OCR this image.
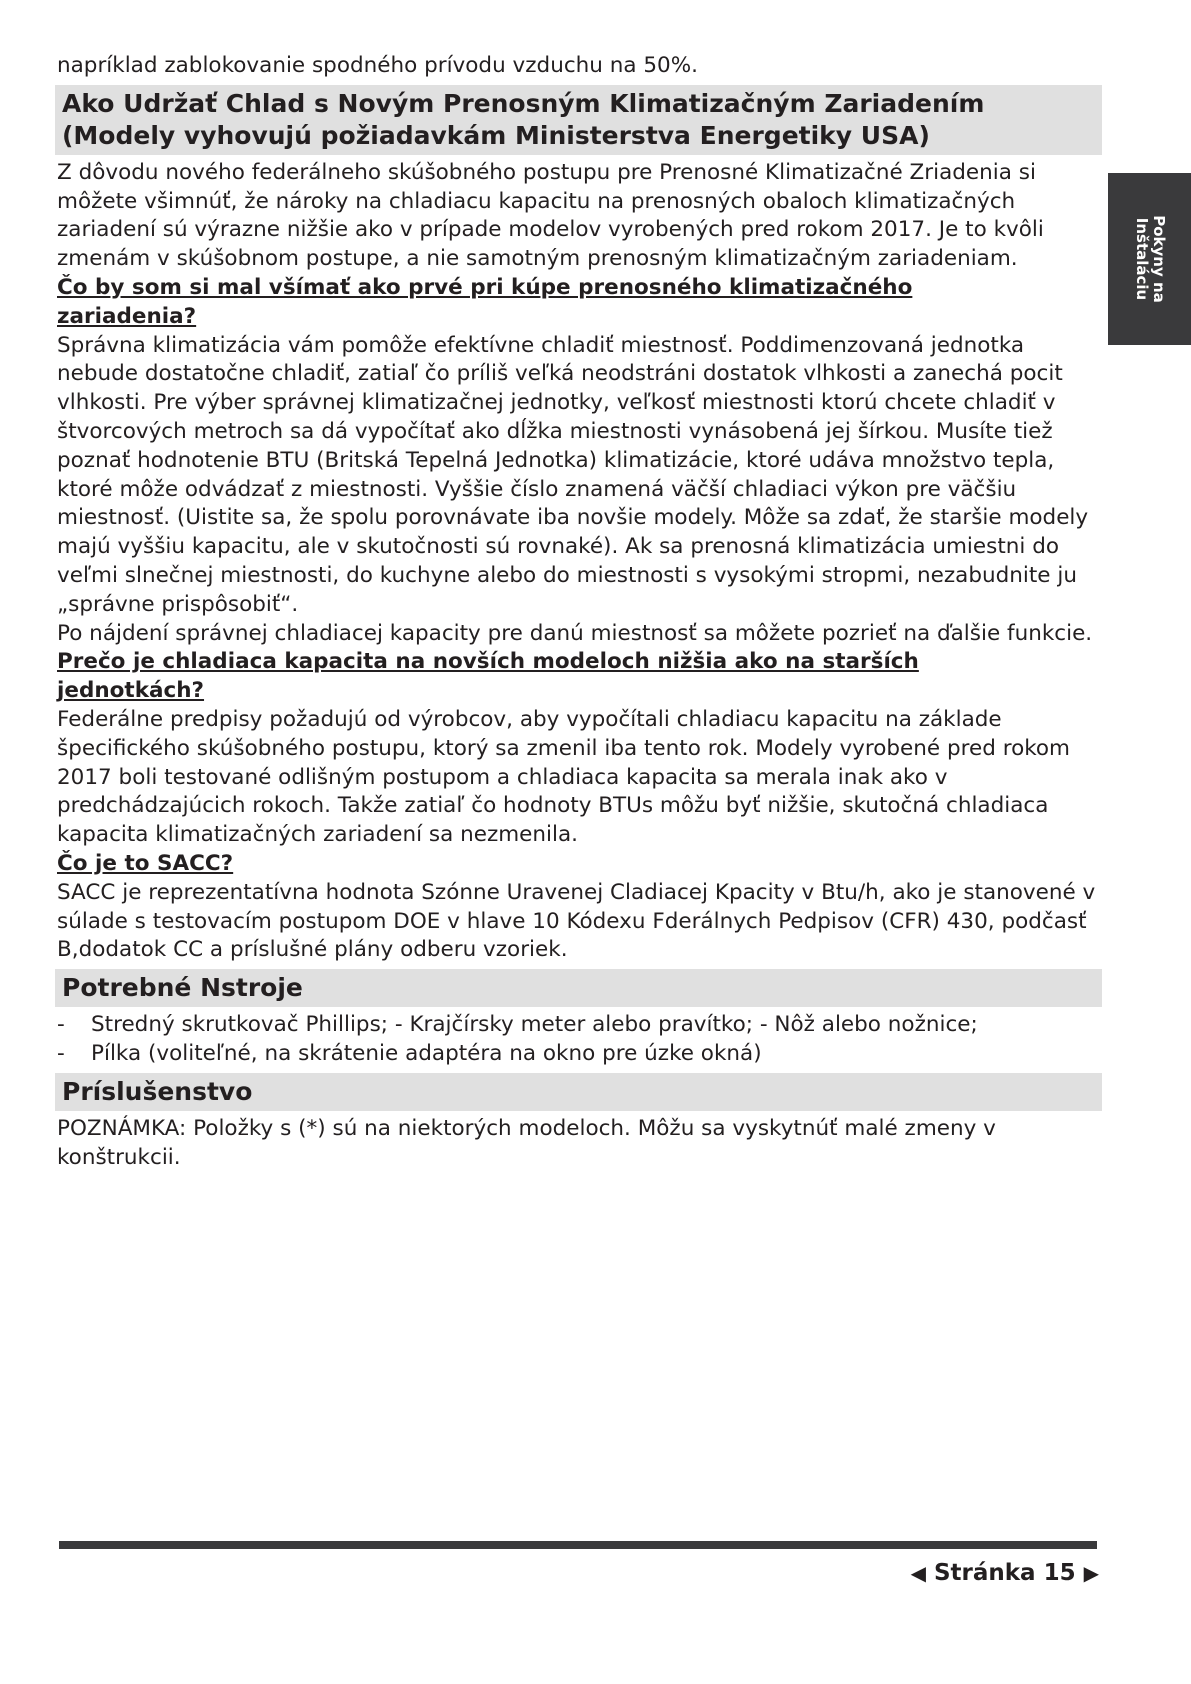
Pokyny na
Inštaláciu

napríklad zablokovanie spodného prívodu vzduchu na 50%.

Ako Udržať Chlad s Novým Prenosným Klimatizačným Zariadením (Modely vyhovujú požiadavkám Ministerstva Energetiky USA)

Z dôvodu nového federálneho skúšobného postupu pre Prenosné Klimatizačné Zriadenia si môžete všimnúť, že nároky na chladiacu kapacitu na prenosných obaloch klimatizačných zariadení sú výrazne nižšie ako v prípade modelov vyrobených pred rokom 2017. Je to kvôli zmenám v skúšobnom postupe, a nie samotným prenosným klimatizačným zariadeniam.

Čo by som si mal všímať ako prvé pri kúpe prenosného klimatizačného zariadenia?

Správna klimatizácia vám pomôže efektívne chladiť miestnosť. Poddimenzovaná jednotka nebude dostatočne chladiť, zatiaľ čo príliš veľká neodstráni dostatok vlhkosti a zanechá pocit vlhkosti. Pre výber správnej klimatizačnej jednotky, veľkosť miestnosti ktorú chcete chladiť v štvorcových metroch sa dá vypočítať ako dĺžka miestnosti vynásobená jej šírkou. Musíte tiež poznať hodnotenie BTU (Britská Tepelná Jednotka) klimatizácie, ktoré udáva množstvo tepla, ktoré môže odvádzať z miestnosti. Vyššie číslo znamená väčší chladiaci výkon pre väčšiu miestnosť. (Uistite sa, že spolu porovnávate iba novšie modely. Môže sa zdať, že staršie modely majú vyššiu kapacitu, ale v skutočnosti sú rovnaké). Ak sa prenosná klimatizácia umiestni do veľmi slnečnej miestnosti, do kuchyne alebo do miestnosti s vysokými stropmi, nezabudnite ju „správne prispôsobiť“.

Po nájdení správnej chladiacej kapacity pre danú miestnosť sa môžete pozrieť na ďalšie funkcie.

Prečo je chladiaca kapacita na novších modeloch nižšia ako na starších jednotkách?

Federálne predpisy požadujú od výrobcov, aby vypočítali chladiacu kapacitu na základe špecifického skúšobného postupu, ktorý sa zmenil iba tento rok. Modely vyrobené pred rokom 2017 boli testované odlišným postupom a chladiaca kapacita sa merala inak ako v predchádzajúcich rokoch. Takže zatiaľ čo hodnoty BTUs môžu byť nižšie, skutočná chladiaca kapacita klimatizačných zariadení sa nezmenila.

Čo je to SACC?

SACC je reprezentatívna hodnota Szónne Uravenej Cladiacej Kpacity v Btu/h, ako je stanovené v súlade s testovacím postupom DOE v hlave 10 Kódexu Fderálnych Pedpisov (CFR) 430, podčasť B,dodatok CC a príslušné plány odberu vzoriek.

Potrebné Nstroje
- Stredný skrutkovač Phillips; - Krajčírsky meter alebo pravítko; - Nôž alebo nožnice;
- Pílka (voliteľné, na skrátenie adaptéra na okno pre úzke okná)
Príslušenstvo

POZNÁMKA: Položky s (*) sú na niektorých modeloch. Môžu sa vyskytnúť malé zmeny v konštrukcii.

◀ Stránka 15 ▶
